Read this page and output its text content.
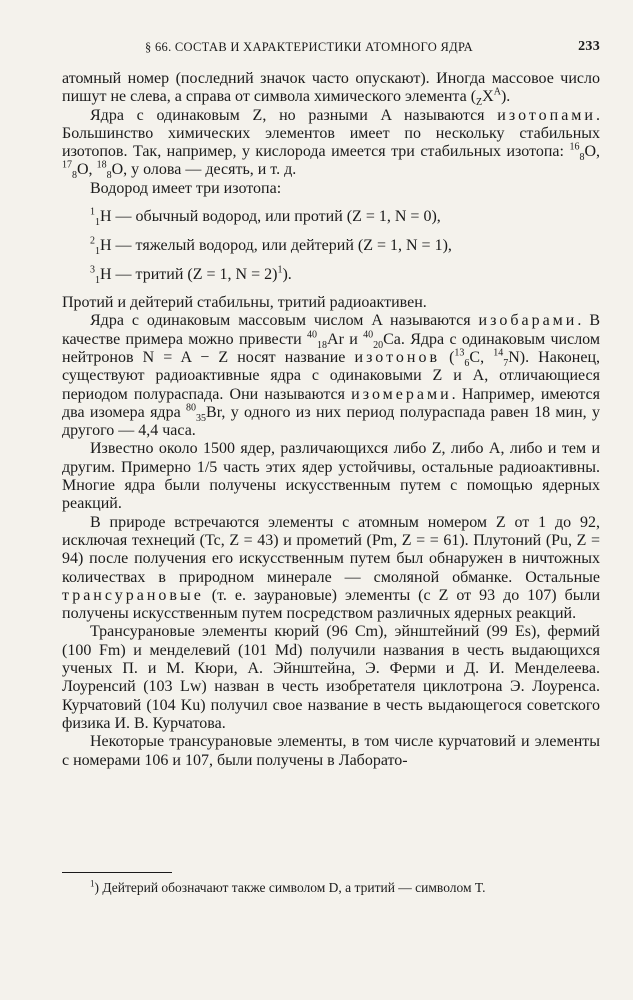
§ 66. СОСТАВ И ХАРАКТЕРИСТИКИ АТОМНОГО ЯДРА	233

атомный номер (последний значок часто опускают). Иногда массовое число пишут не слева, а справа от символа химического элемента $(_ZX^A)$.

Ядра с одинаковым Z, но разными A называются изотопами. Большинство химических элементов имеет по нескольку стабильных изотопов. Так, например, у кислорода имеется три стабильных изотопа: $^{16}_8$O, $^{17}_8$O, $^{18}_8$O, у олова — десять, и т. д.

Водород имеет три изотопа:

$^1_1$H — обычный водород, или протий (Z = 1, N = 0),

$^2_1$H — тяжелый водород, или дейтерий (Z = 1, N = 1),

$^3_1$H — тритий (Z = 1, N = 2)$^1$).

Протий и дейтерий стабильны, тритий радиоактивен.

Ядра с одинаковым массовым числом A называются изобарами. В качестве примера можно привести $^{40}_{18}$Ar и $^{40}_{20}$Ca. Ядра с одинаковым числом нейтронов N = A − Z носят название изотонов ($^{13}_6$C, $^{14}_7$N). Наконец, существуют радиоактивные ядра с одинаковыми Z и A, отличающиеся периодом полураспада. Они называются изомерами. Например, имеются два изомера ядра $^{80}_{35}$Br, у одного из них период полураспада равен 18 мин, у другого — 4,4 часа.

Известно около 1500 ядер, различающихся либо Z, либо A, либо и тем и другим. Примерно 1/5 часть этих ядер устойчивы, остальные радиоактивны. Многие ядра были получены искусственным путем с помощью ядерных реакций.

В природе встречаются элементы с атомным номером Z от 1 до 92, исключая технеций (Tc, Z = 43) и прометий (Pm, Z = = 61). Плутоний (Pu, Z = 94) после получения его искусственным путем был обнаружен в ничтожных количествах в природном минерале — смоляной обманке. Остальные трансурановые (т. е. заурановые) элементы (с Z от 93 до 107) были получены искусственным путем посредством различных ядерных реакций.

Трансурановые элементы кюрий (96 Cm), эйнштейний (99 Es), фермий (100 Fm) и менделевий (101 Md) получили названия в честь выдающихся ученых П. и М. Кюри, А. Эйнштейна, Э. Ферми и Д. И. Менделеева. Лоуренсий (103 Lw) назван в честь изобретателя циклотрона Э. Лоуренса. Курчатовий (104 Ku) получил свое название в честь выдающегося советского физика И. В. Курчатова.

Некоторые трансурановые элементы, в том числе курчатовий и элементы с номерами 106 и 107, были получены в Лаборато-

$^1$) Дейтерий обозначают также символом D, а тритий — символом T.
